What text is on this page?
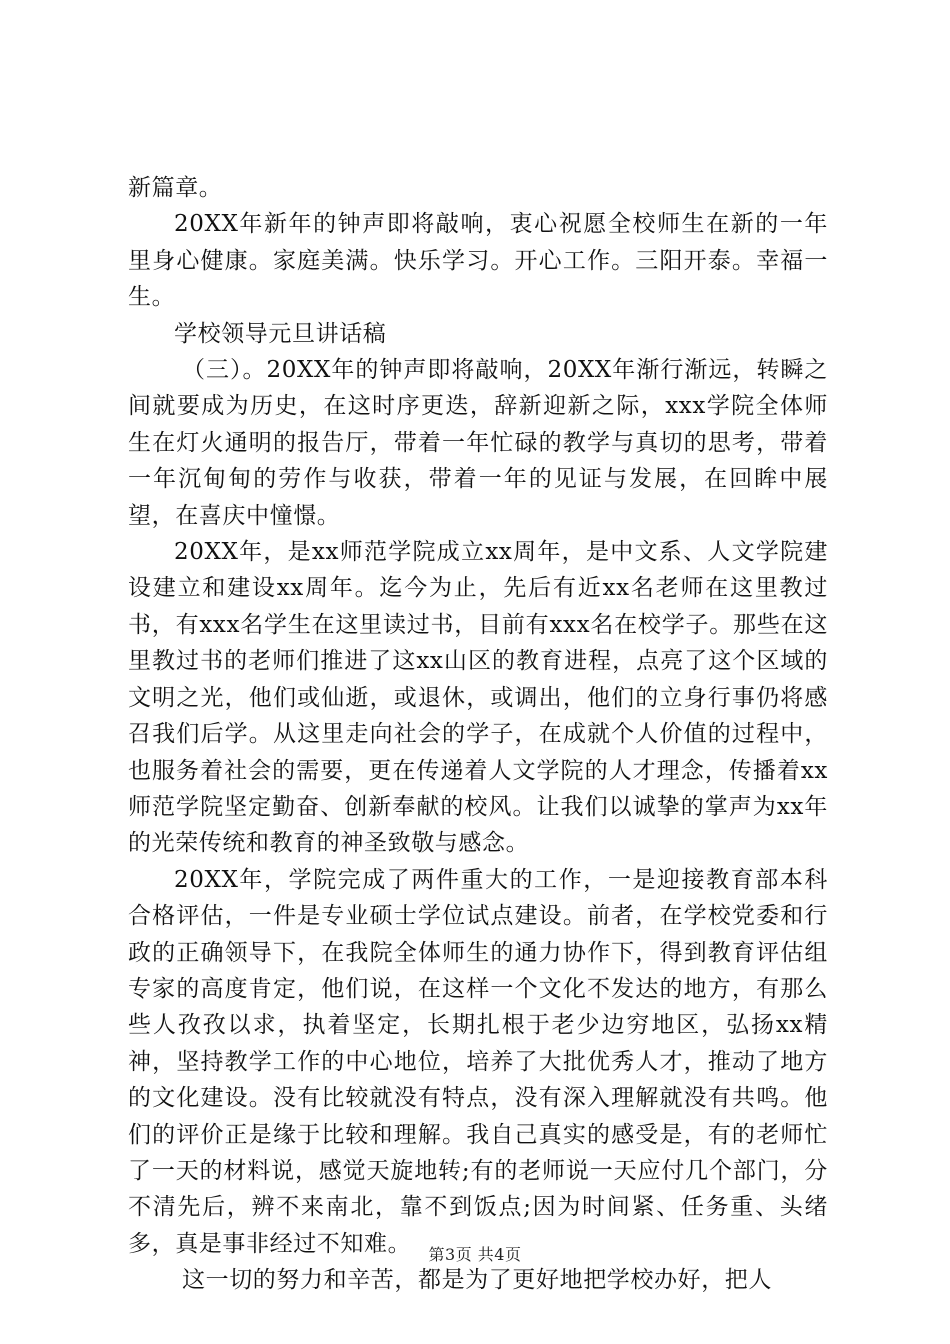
新篇章。

20XX年新年的钟声即将敲响，衷心祝愿全校师生在新的一年里身心健康。家庭美满。快乐学习。开心工作。三阳开泰。幸福一生。

学校领导元旦讲话稿

（三）。20XX年的钟声即将敲响，20XX年渐行渐远，转瞬之间就要成为历史，在这时序更迭，辞新迎新之际，xxx学院全体师生在灯火通明的报告厅，带着一年忙碌的教学与真切的思考，带着一年沉甸甸的劳作与收获，带着一年的见证与发展，在回眸中展望，在喜庆中憧憬。

20XX年，是xx师范学院成立xx周年，是中文系、人文学院建设建立和建设xx周年。迄今为止，先后有近xx名老师在这里教过书，有xxx名学生在这里读过书，目前有xxx名在校学子。那些在这里教过书的老师们推进了这xx山区的教育进程，点亮了这个区域的文明之光，他们或仙逝，或退休，或调出，他们的立身行事仍将感召我们后学。从这里走向社会的学子，在成就个人价值的过程中，也服务着社会的需要，更在传递着人文学院的人才理念，传播着xx师范学院坚定勤奋、创新奉献的校风。让我们以诚挚的掌声为xx年的光荣传统和教育的神圣致敬与感念。

20XX年，学院完成了两件重大的工作，一是迎接教育部本科合格评估，一件是专业硕士学位试点建设。前者，在学校党委和行政的正确领导下，在我院全体师生的通力协作下，得到教育评估组专家的高度肯定，他们说，在这样一个文化不发达的地方，有那么些人孜孜以求，执着坚定，长期扎根于老少边穷地区，弘扬xx精神，坚持教学工作的中心地位，培养了大批优秀人才，推动了地方的文化建设。没有比较就没有特点，没有深入理解就没有共鸣。他们的评价正是缘于比较和理解。我自己真实的感受是，有的老师忙了一天的材料说，感觉天旋地转;有的老师说一天应付几个部门，分不清先后，辨不来南北，靠不到饭点;因为时间紧、任务重、头绪多，真是事非经过不知难。

这一切的努力和辛苦，都是为了更好地把学校办好，把人

第3页 共4页
